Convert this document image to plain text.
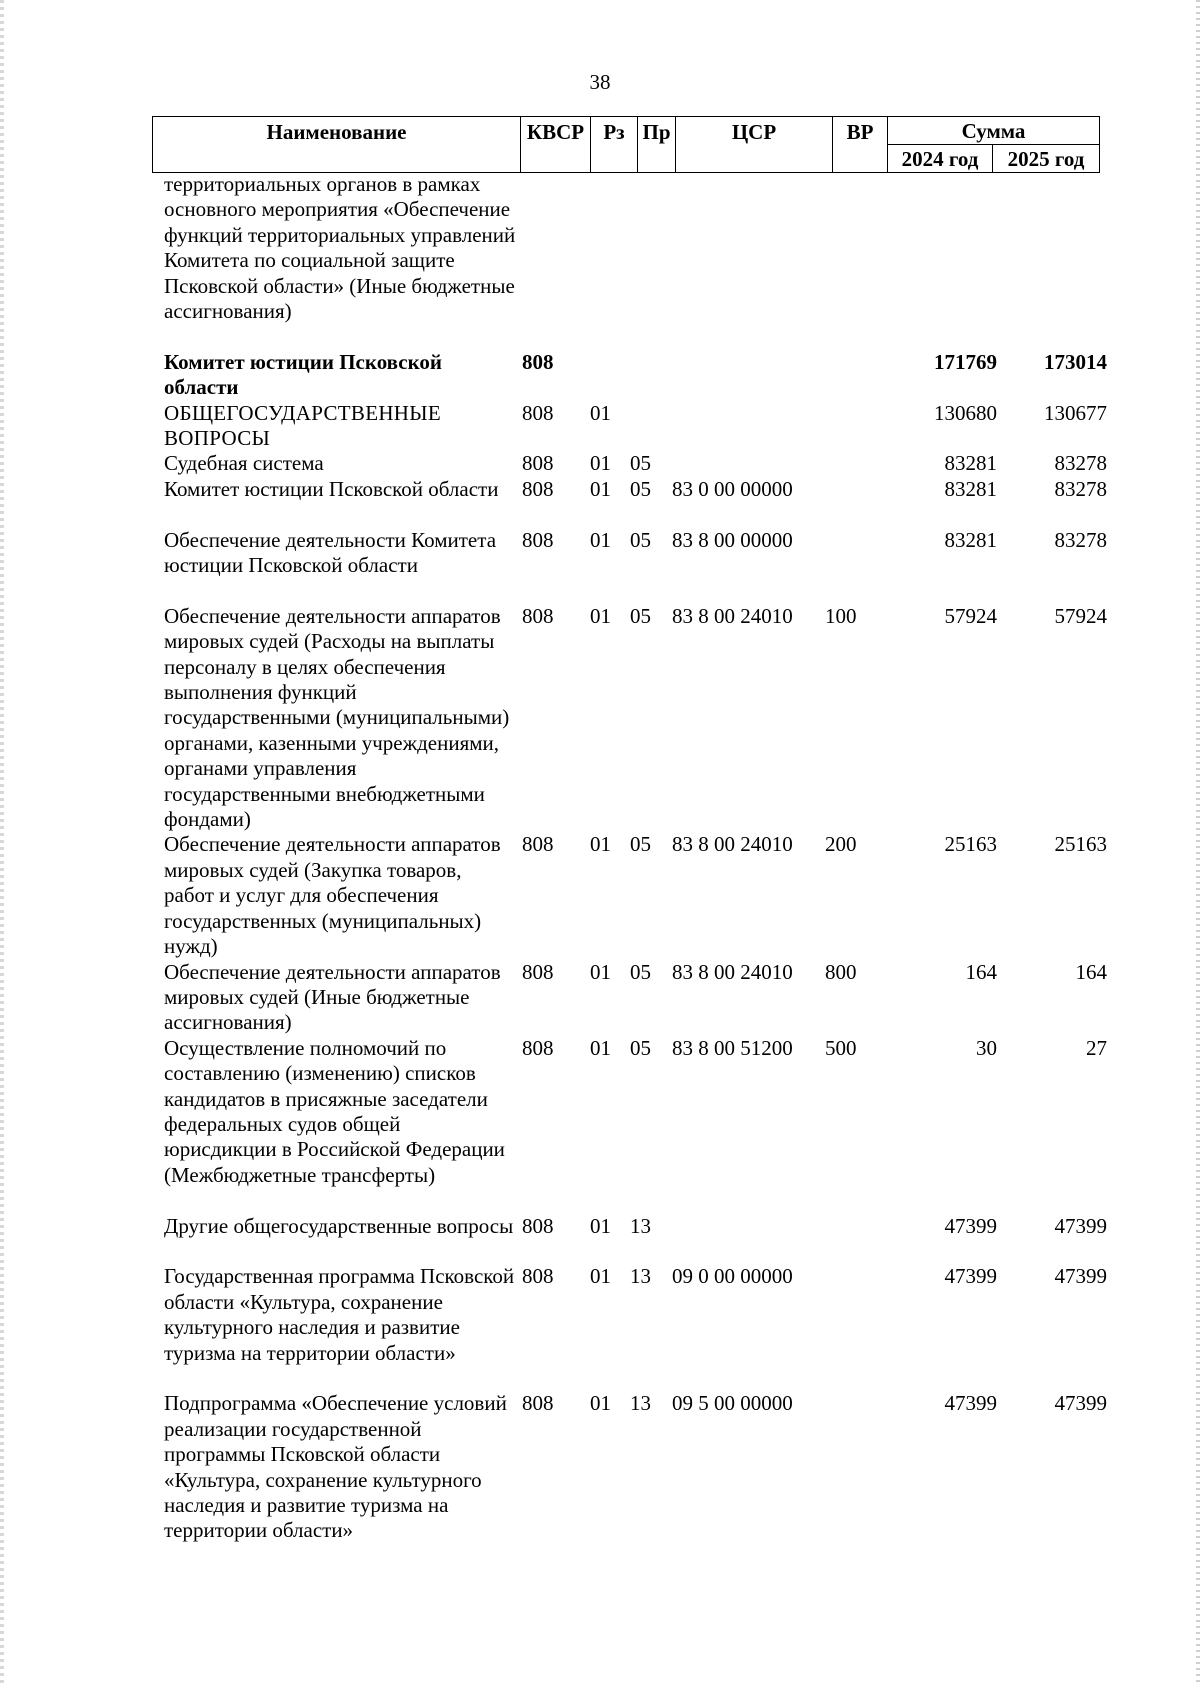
38
Наименование	КВСР	Рз	Пр	ЦСР	ВР	Сумма	
						2024 год	2025 год
территориальных органов в рамках основного мероприятия «Обеспечение функций территориальных управлений Комитета по социальной защите Псковской области» (Иные бюджетные ассигнования)							
Комитет юстиции Псковской области	808					171769	173014
ОБЩЕГОСУДАРСТВЕННЫЕ ВОПРОСЫ	808	01				130680	130677
Судебная система	808	01	05			83281	83278
Комитет юстиции Псковской области	808	01	05	83 0 00 00000		83281	83278
Обеспечение деятельности Комитета юстиции Псковской области	808	01	05	83 8 00 00000		83281	83278
Обеспечение деятельности аппаратов мировых судей (Расходы на выплаты персоналу в целях обеспечения выполнения функций государственными (муниципальными) органами, казенными учреждениями, органами управления государственными внебюджетными фондами)	808	01	05	83 8 00 24010	100	57924	57924
Обеспечение деятельности аппаратов мировых судей (Закупка товаров, работ и услуг для обеспечения государственных (муниципальных) нужд)	808	01	05	83 8 00 24010	200	25163	25163
Обеспечение деятельности аппаратов мировых судей (Иные бюджетные ассигнования)	808	01	05	83 8 00 24010	800	164	164
Осуществление полномочий по составлению (изменению) списков кандидатов в присяжные заседатели федеральных судов общей юрисдикции в Российской Федерации (Межбюджетные трансферты)	808	01	05	83 8 00 51200	500	30	27
Другие общегосударственные вопросы	808	01	13			47399	47399
Государственная программа Псковской области «Культура, сохранение культурного наследия и развитие туризма на территории области»	808	01	13	09 0 00 00000		47399	47399
Подпрограмма «Обеспечение условий реализации государственной программы Псковской области «Культура, сохранение культурного наследия и развитие туризма на территории области»	808	01	13	09 5 00 00000		47399	47399
